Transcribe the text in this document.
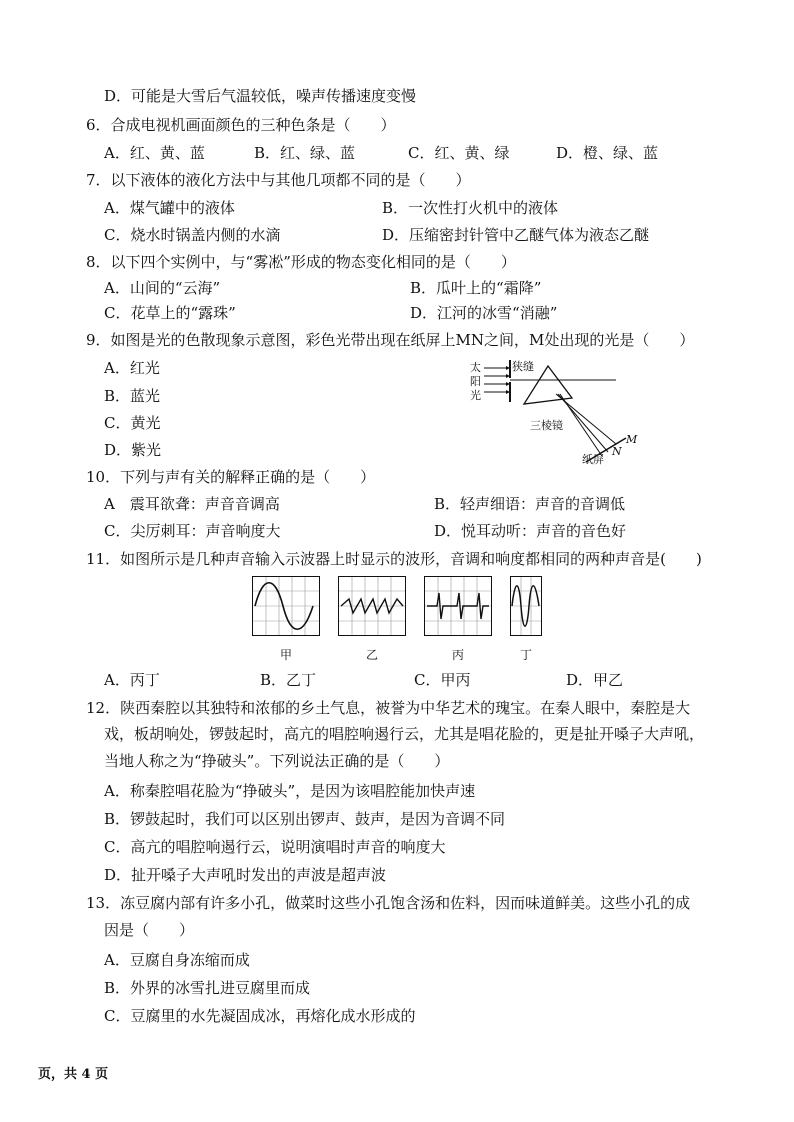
D．可能是大雪后气温较低，噪声传播速度变慢
6．合成电视机画面颜色的三种色条是（　　）
A．红、黄、蓝	B．红、绿、蓝	C．红、黄、绿	D．橙、绿、蓝
7．以下液体的液化方法中与其他几项都不同的是（　　）
A．煤气罐中的液体	B．一次性打火机中的液体
C．烧水时锅盖内侧的水滴	D．压缩密封针管中乙醚气体为液态乙醚
8．以下四个实例中，与“雾凇”形成的物态变化相同的是（　　）
A．山间的“云海”	B．瓜叶上的“霜降”
C．花草上的“露珠”	D．江河的冰雪“消融”
9．如图是光的色散现象示意图，彩色光带出现在纸屏上MN之间，M处出现的光是（　　）
A．红光
B．蓝光
C．黄光
D．紫光
太
阳
光
狭缝
三棱镜
纸屏
M
N
10．下列与声有关的解释正确的是（　　）
A　震耳欲聋：声音音调高	B．轻声细语：声音的音调低
C．尖厉刺耳：声音响度大	D．悦耳动听：声音的音色好
11．如图所示是几种声音输入示波器上时显示的波形，音调和响度都相同的两种声音是(　　)
甲	乙	丙	丁
A．丙丁	B．乙丁	C．甲丙	D．甲乙
12．陕西秦腔以其独特和浓郁的乡土气息，被誉为中华艺术的瑰宝。在秦人眼中，秦腔是大
戏，板胡响处，锣鼓起时，高亢的唱腔响遏行云，尤其是唱花脸的，更是扯开嗓子大声吼，
当地人称之为“挣破头”。下列说法正确的是（　　）
A．称秦腔唱花脸为“挣破头”，是因为该唱腔能加快声速
B．锣鼓起时，我们可以区别出锣声、鼓声，是因为音调不同
C．高亢的唱腔响遏行云，说明演唱时声音的响度大
D．扯开嗓子大声吼时发出的声波是超声波
13．冻豆腐内部有许多小孔，做菜时这些小孔饱含汤和佐料，因而味道鲜美。这些小孔的成
因是（　　）
A．豆腐自身冻缩而成
B．外界的冰雪扎进豆腐里而成
C．豆腐里的水先凝固成冰，再熔化成水形成的
页，共 4 页
